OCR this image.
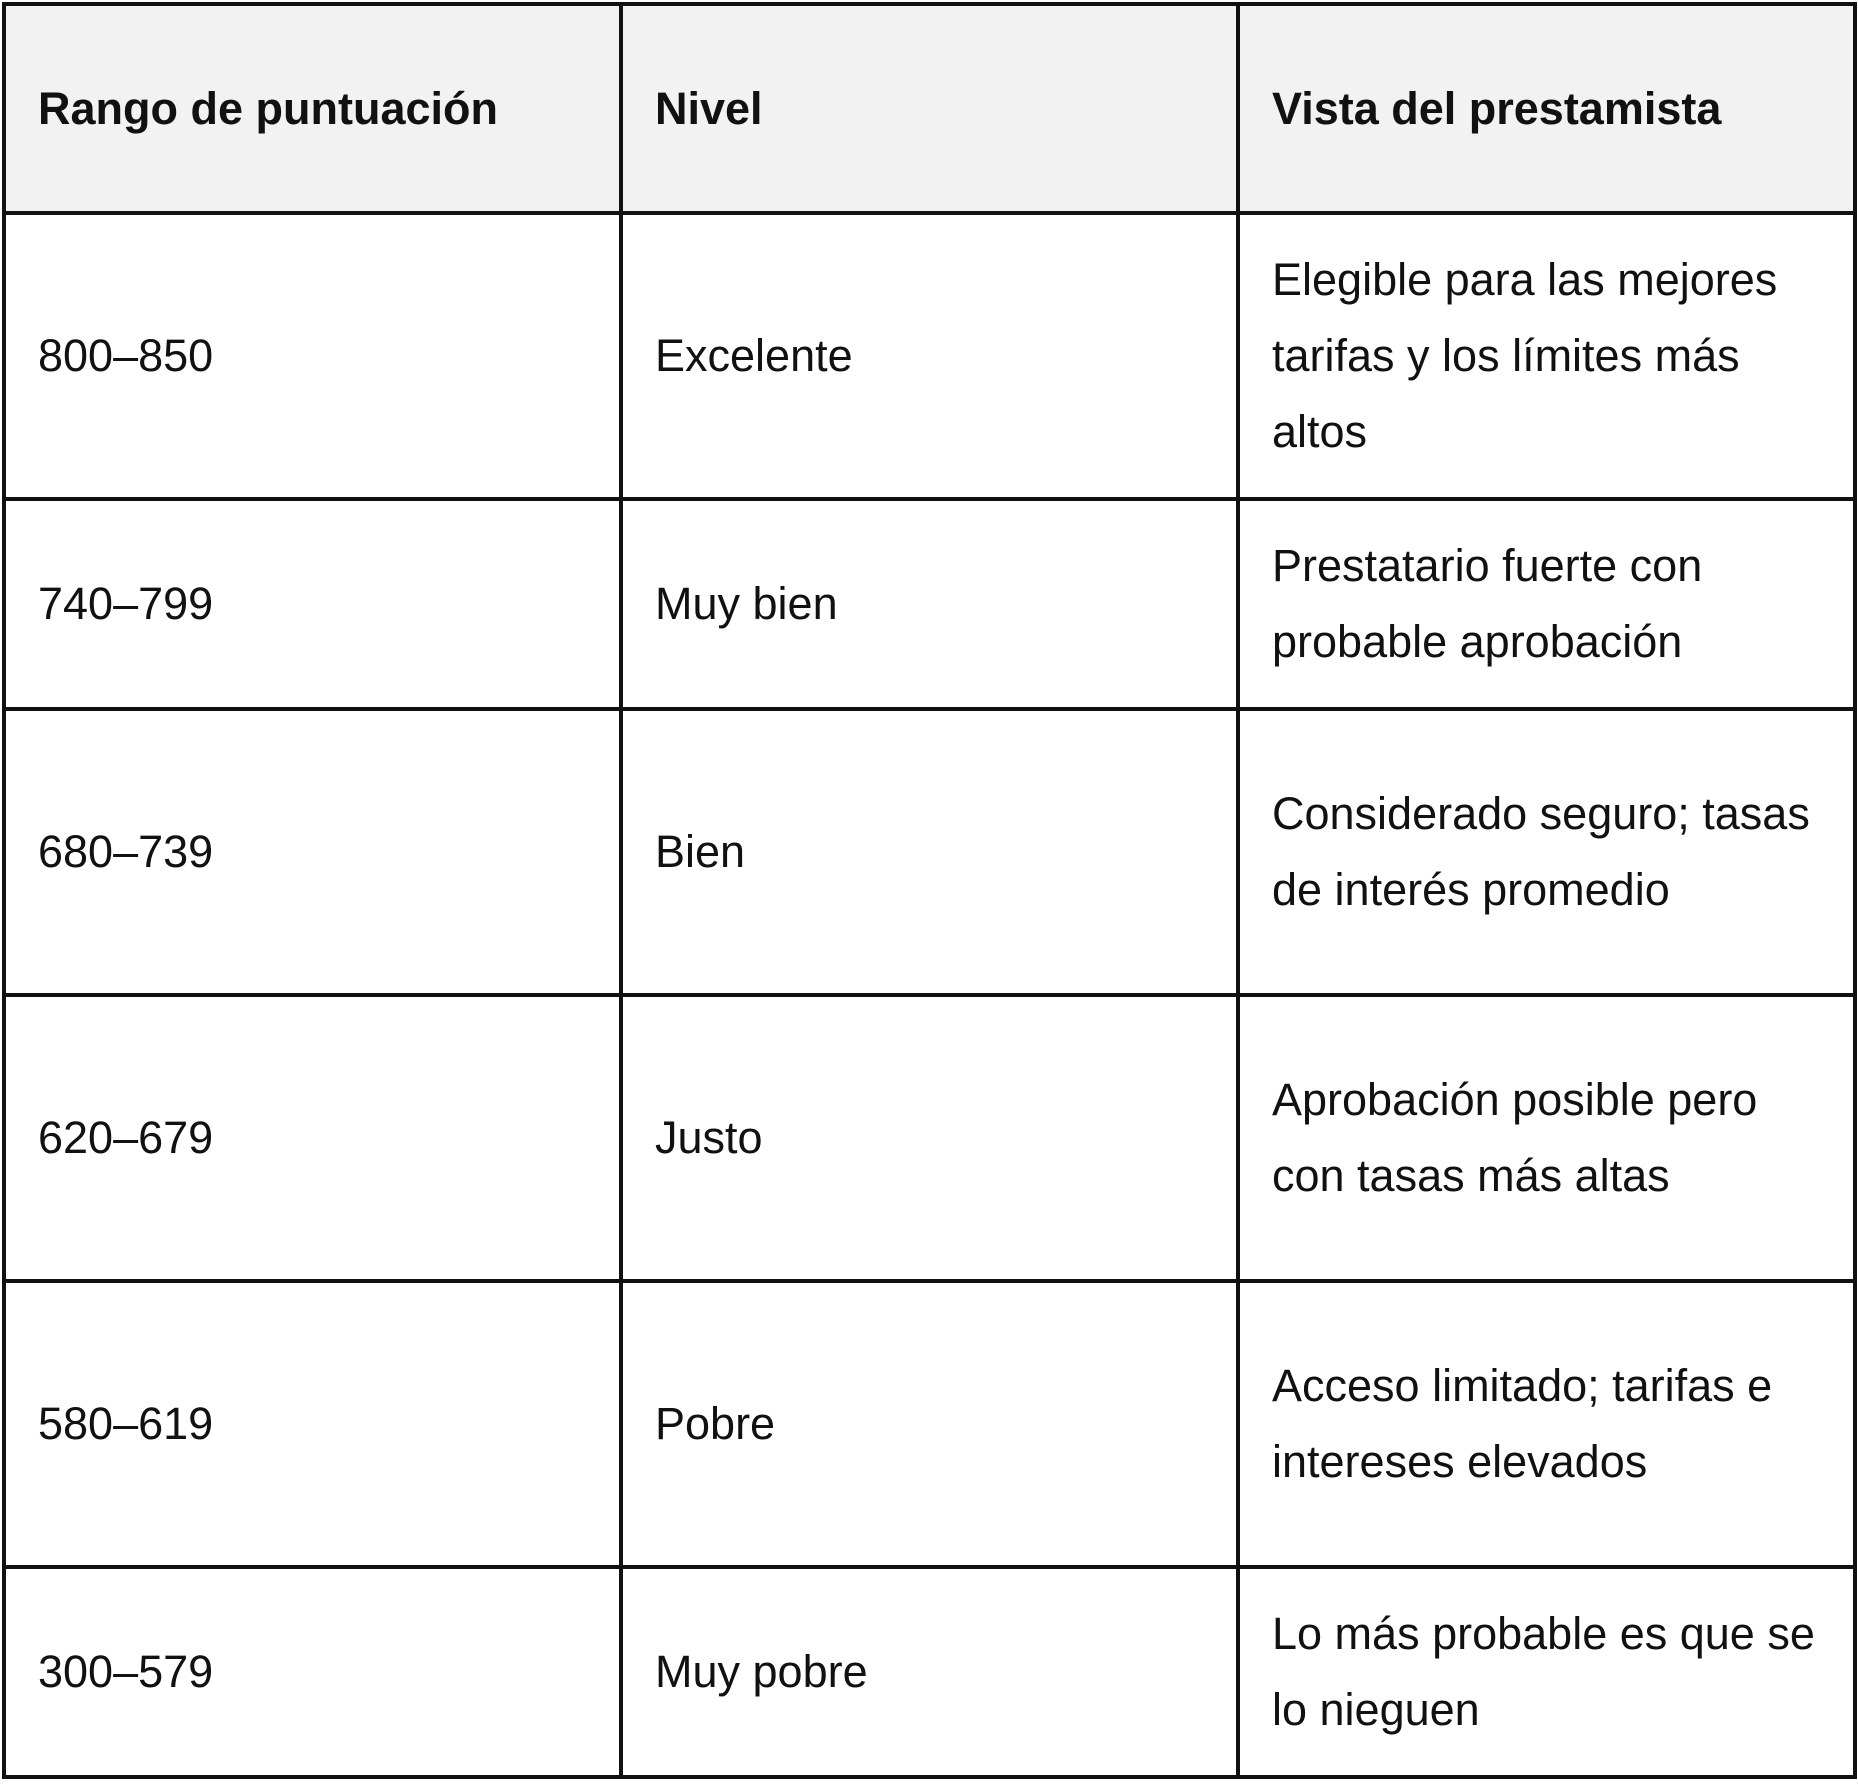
Rango de puntuación	Nivel	Vista del prestamista
800–850	Excelente	Elegible para las mejores tarifas y los límites más altos
740–799	Muy bien	Prestatario fuerte con probable aprobación
680–739	Bien	Considerado seguro; tasas de interés promedio
620–679	Justo	Aprobación posible pero con tasas más altas
580–619	Pobre	Acceso limitado; tarifas e intereses elevados
300–579	Muy pobre	Lo más probable es que se lo nieguen
